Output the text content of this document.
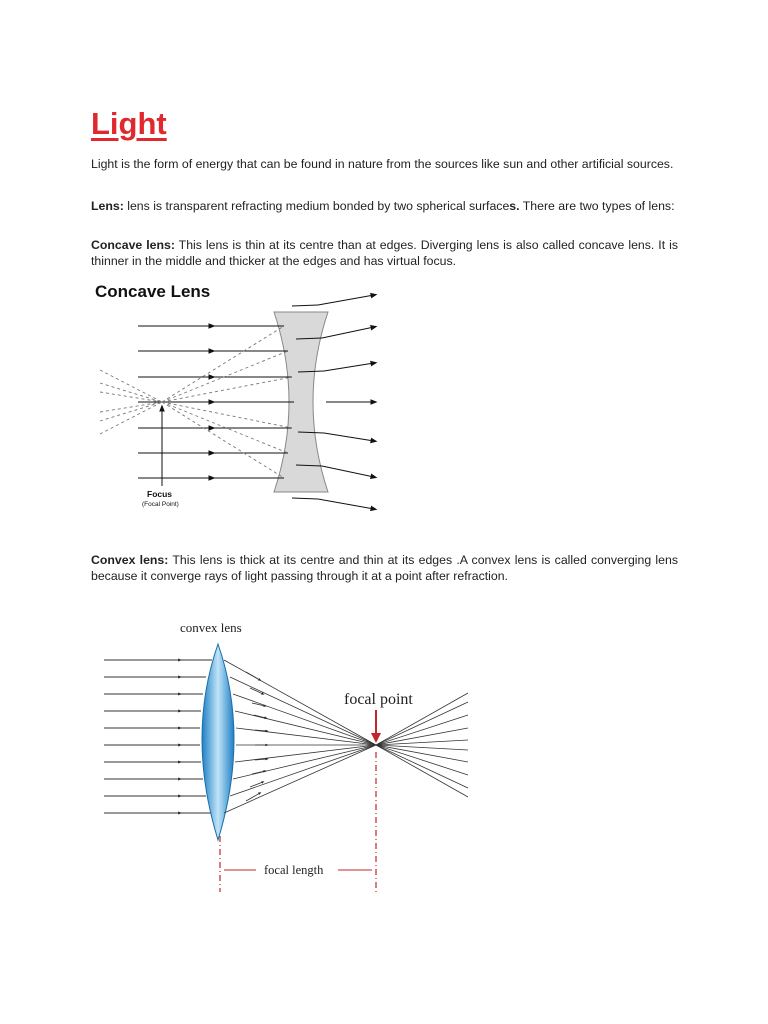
Light

Light is the form of energy that can be found in nature from the sources like sun and other artificial sources.

Lens: lens is transparent refracting medium bonded by two spherical surfaces. There are two types of lens:

Concave lens: This lens is thin at its centre than at edges. Diverging lens is also called concave lens. It is thinner in the middle and thicker at the edges and has virtual focus.

Concave Lens
Focus
(Focal Point)

Convex lens: This lens is thick at its centre and thin at its edges .A convex lens is called converging lens because it converge rays of light passing through it at a point after refraction.

convex lens
focal point
focal length
